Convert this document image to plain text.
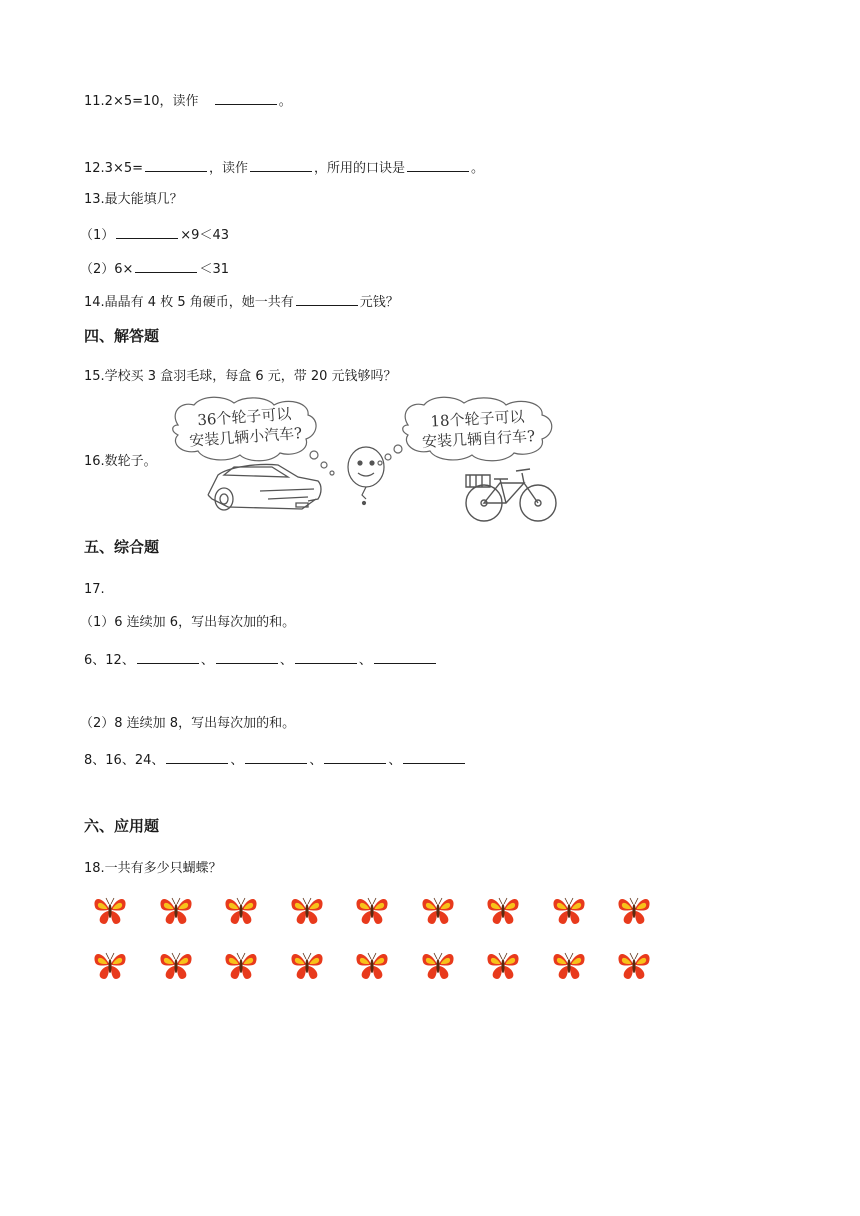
11.2×5=10，读作	。
12.3×5=	，读作	，所用的口诀是	。
13.最大能填几？
（1）	×9＜43
（2）6×	＜31
14.晶晶有 4 枚 5 角硬币，她一共有	元钱？
四、解答题
15.学校买 3 盒羽毛球，每盒 6 元，带 20 元钱够吗？
16.数轮子。
36个轮子可以
安装几辆小汽车?
18个轮子可以
安装几辆自行车?
五、综合题
17.
（1）6 连续加 6，写出每次加的和。
6、12、	、	、	、
（2）8 连续加 8，写出每次加的和。
8、16、24、	、	、	、
六、应用题
18.一共有多少只蝴蝶？
